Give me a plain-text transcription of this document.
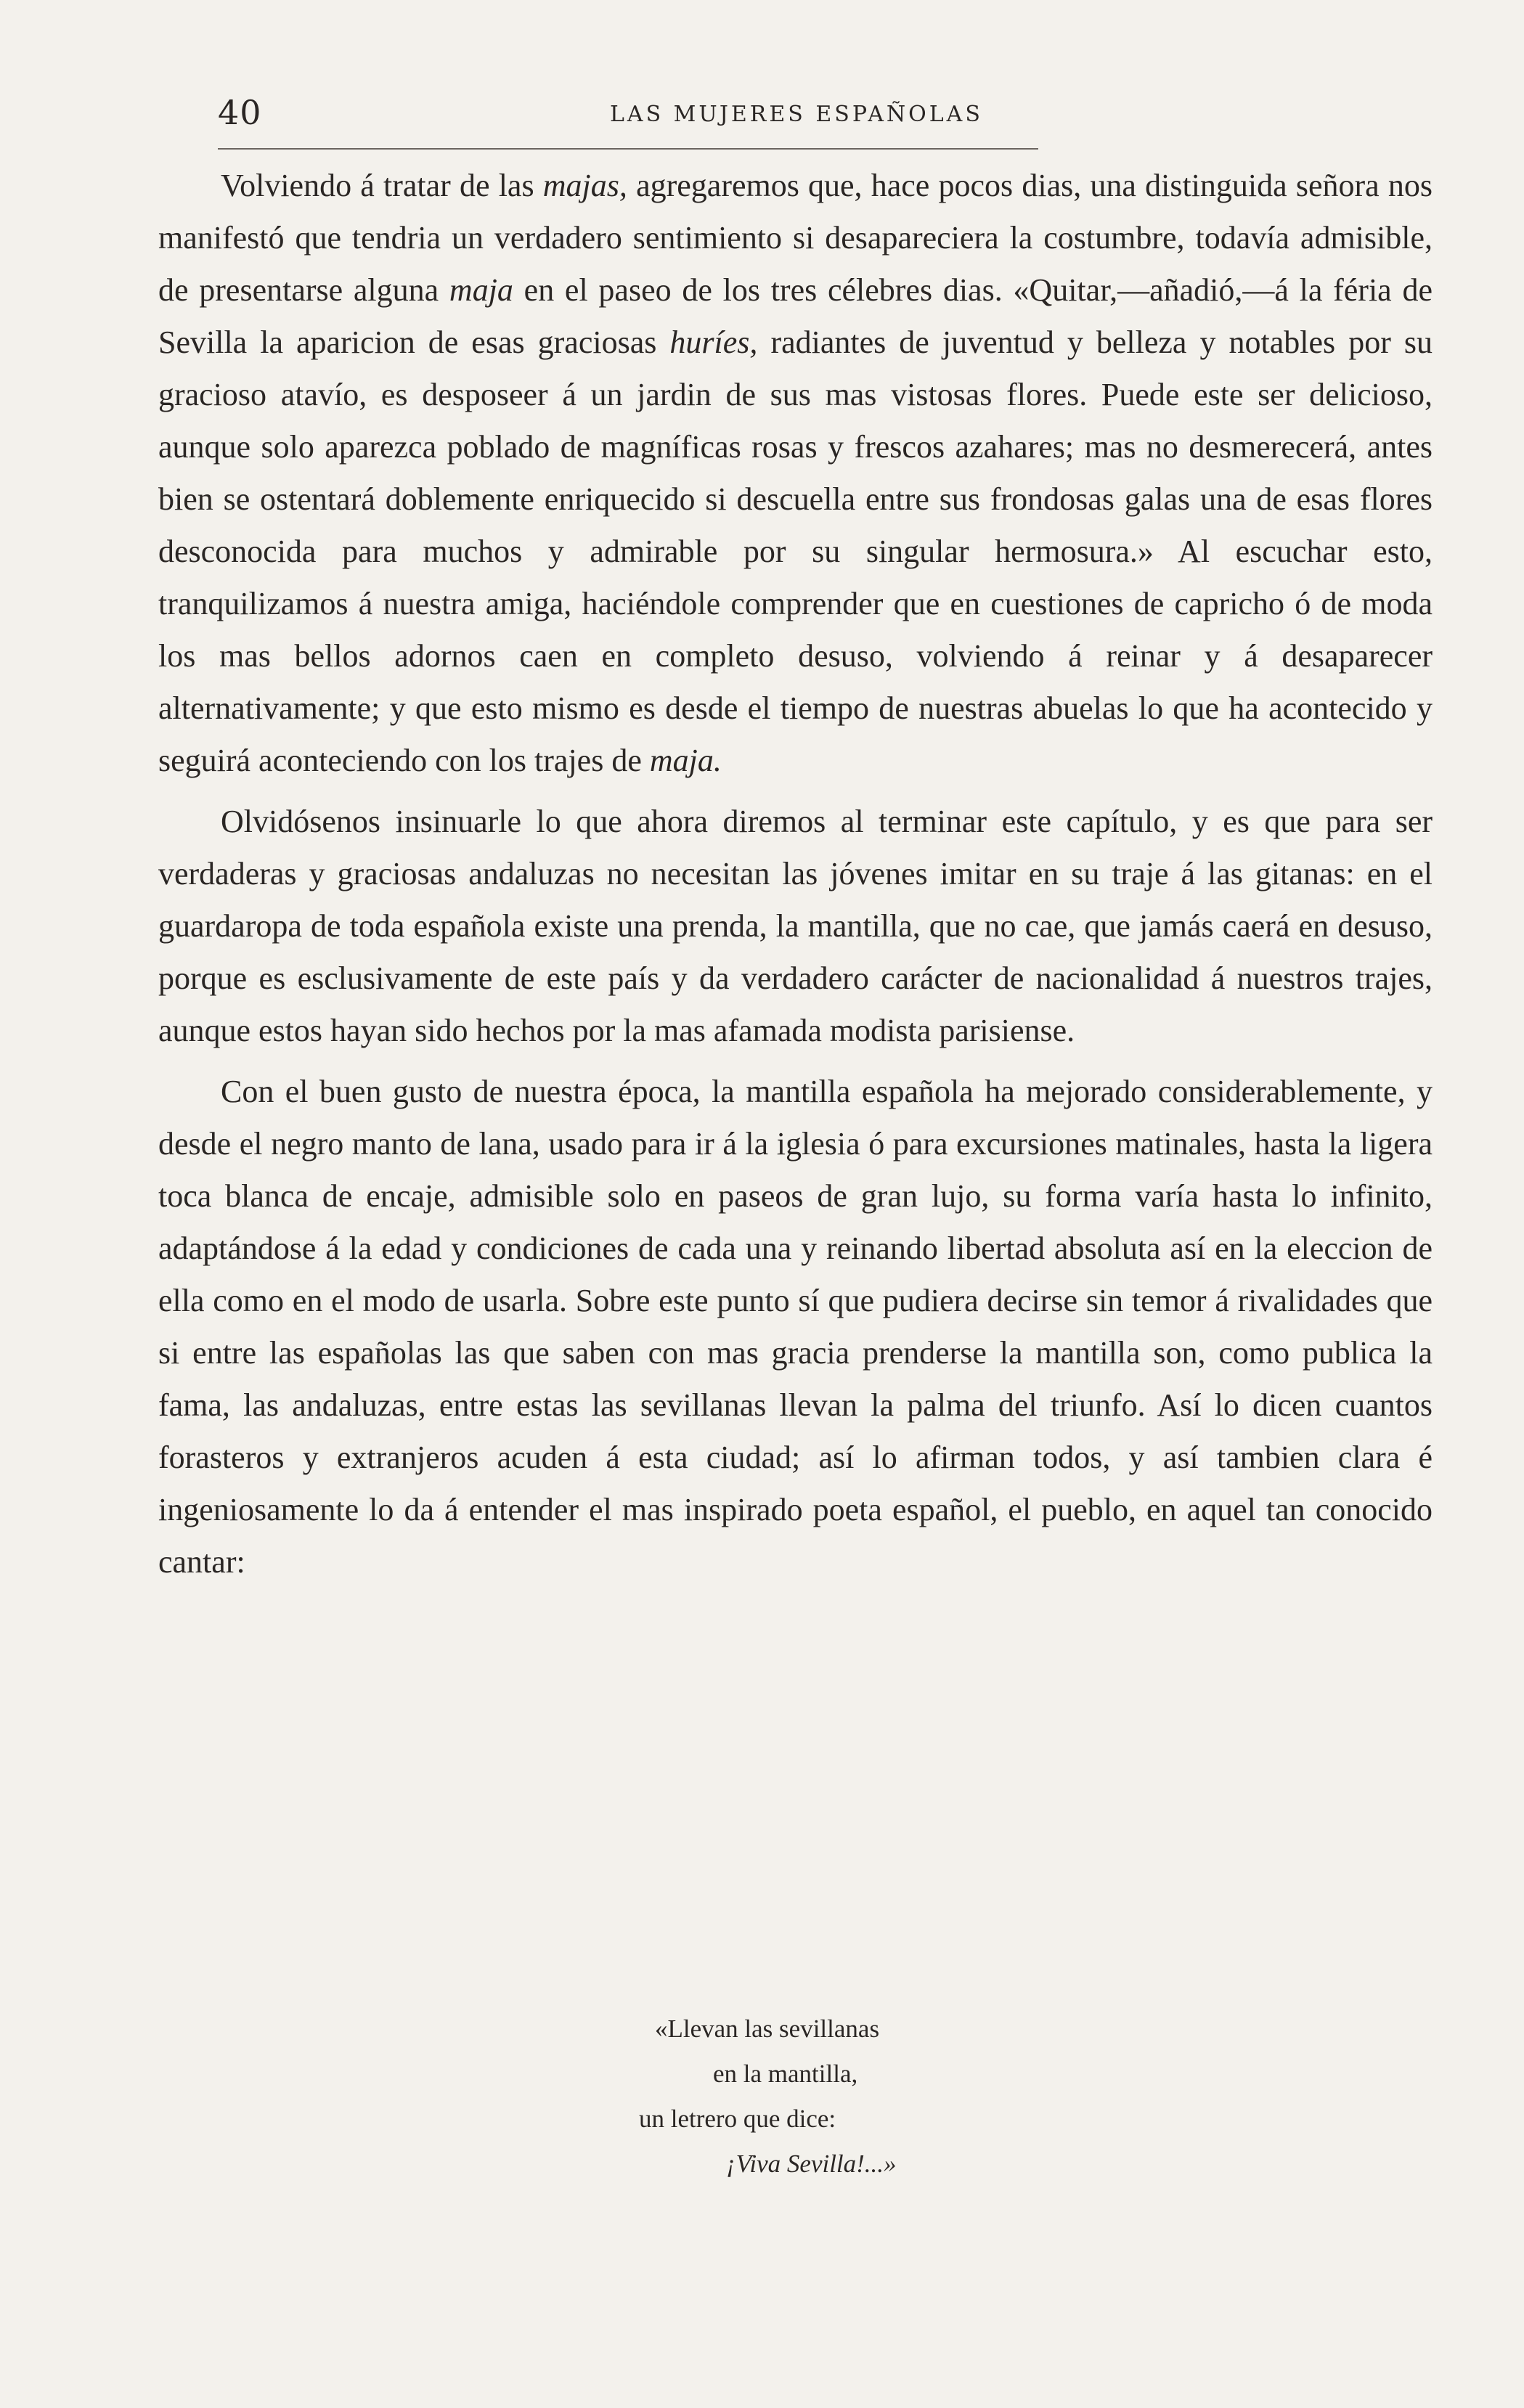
40	LAS MUJERES ESPAÑOLAS

Volviendo á tratar de las majas, agregaremos que, hace pocos dias, una distinguida señora nos manifestó que tendria un verdadero sentimiento si desapareciera la costumbre, todavía admisible, de presentarse alguna maja en el paseo de los tres célebres dias. «Quitar,—añadió,—á la féria de Sevilla la aparicion de esas graciosas huríes, radiantes de juventud y belleza y notables por su gracioso atavío, es desposeer á un jardin de sus mas vistosas flores. Puede este ser delicioso, aunque solo aparezca poblado de magníficas rosas y frescos azahares; mas no desmerecerá, antes bien se ostentará doblemente enriquecido si descuella entre sus frondosas galas una de esas flores desconocida para muchos y admirable por su singular hermosura.» Al escuchar esto, tranquilizamos á nuestra amiga, haciéndole comprender que en cuestiones de capricho ó de moda los mas bellos adornos caen en completo desuso, volviendo á reinar y á desaparecer alternativamente; y que esto mismo es desde el tiempo de nuestras abuelas lo que ha acontecido y seguirá aconteciendo con los trajes de maja.

Olvidósenos insinuarle lo que ahora diremos al terminar este capítulo, y es que para ser verdaderas y graciosas andaluzas no necesitan las jóvenes imitar en su traje á las gitanas: en el guardaropa de toda española existe una prenda, la mantilla, que no cae, que jamás caerá en desuso, porque es esclusivamente de este país y da verdadero carácter de nacionalidad á nuestros trajes, aunque estos hayan sido hechos por la mas afamada modista parisiense.

Con el buen gusto de nuestra época, la mantilla española ha mejorado considerablemente, y desde el negro manto de lana, usado para ir á la iglesia ó para excursiones matinales, hasta la ligera toca blanca de encaje, admisible solo en paseos de gran lujo, su forma varía hasta lo infinito, adaptándose á la edad y condiciones de cada una y reinando libertad absoluta así en la eleccion de ella como en el modo de usarla. Sobre este punto sí que pudiera decirse sin temor á rivalidades que si entre las españolas las que saben con mas gracia prenderse la mantilla son, como publica la fama, las andaluzas, entre estas las sevillanas llevan la palma del triunfo. Así lo dicen cuantos forasteros y extranjeros acuden á esta ciudad; así lo afirman todos, y así tambien clara é ingeniosamente lo da á entender el mas inspirado poeta español, el pueblo, en aquel tan conocido cantar:

«Llevan las sevillanas
en la mantilla,
un letrero que dice:
¡Viva Sevilla!...»
